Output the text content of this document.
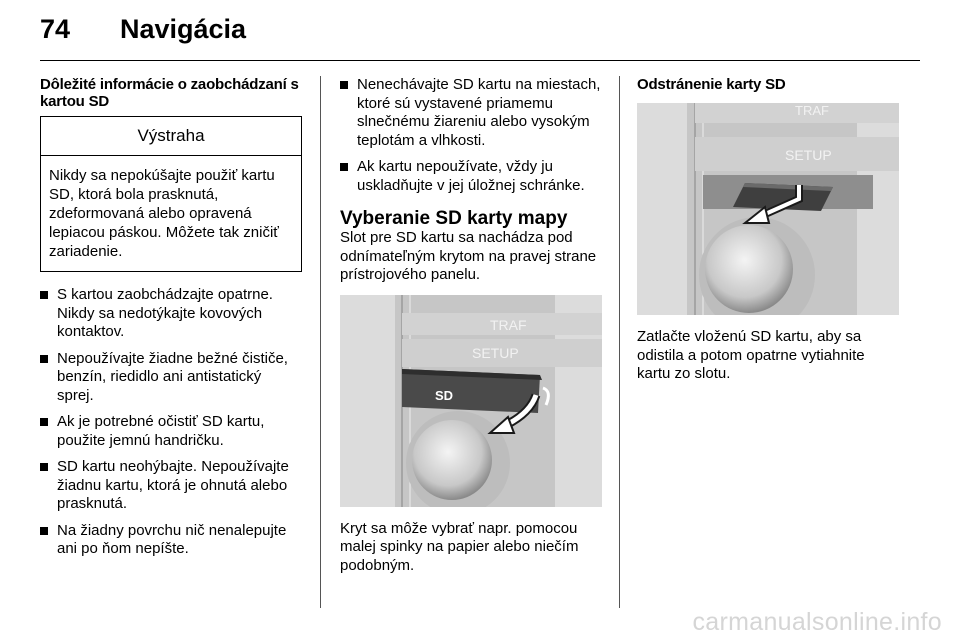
74 Navigácia
Dôležité informácie o zaobchádzaní s kartou SD
Výstraha
Nikdy sa nepokúšajte použiť kartu SD, ktorá bola prasknutá, zdeformovaná alebo opravená lepiacou páskou. Môžete tak zničiť zariadenie.
S kartou zaobchádzajte opatrne. Nikdy sa nedotýkajte kovových kontaktov.
Nepoužívajte žiadne bežné čističe, benzín, riedidlo ani antistatický sprej.
Ak je potrebné očistiť SD kartu, použite jemnú handričku.
SD kartu neohýbajte. Nepoužívajte žiadnu kartu, ktorá je ohnutá alebo prasknutá.
Na žiadny povrchu nič nenalepujte ani po ňom nepíšte.
Nenechávajte SD kartu na miestach, ktoré sú vystavené priamemu slnečnému žiareniu alebo vysokým teplotám a vlhkosti.
Ak kartu nepoužívate, vždy ju uskladňujte v jej úložnej schránke.
Vyberanie SD karty mapy

Slot pre SD kartu sa nachádza pod odnímateľným krytom na pravej strane prístrojového panelu.

TRAF
SETUP
SD

Kryt sa môže vybrať napr. pomocou malej spinky na papier alebo niečím podobným.

Odstránenie karty SD
TRAF
SETUP

Zatlačte vloženú SD kartu, aby sa odistila a potom opatrne vytiahnite kartu zo slotu.

carmanualsonline.info
